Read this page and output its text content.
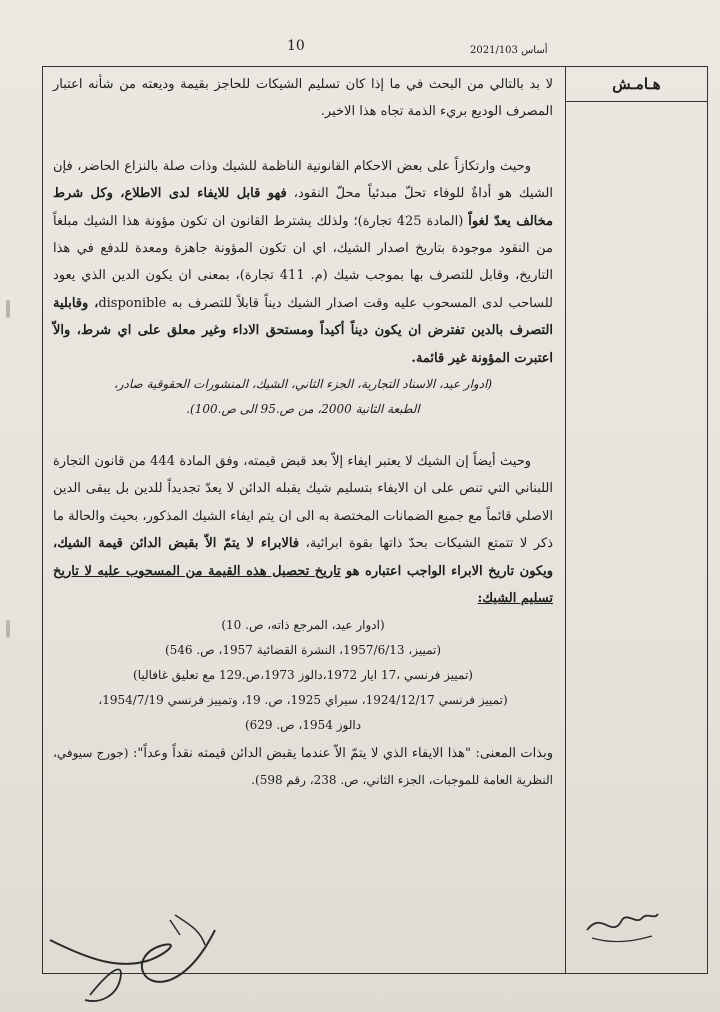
10	أساس 2021/103
هـامـش

لا بد بالتالي من البحث في ما إذا كان تسليم الشيكات للحاجز بقيمة وديعته من شأنه اعتبار المصرف الوديع بريء الذمة تجاه هذا الاخير.

وحيث وارتكازاً على بعض الاحكام القانونية الناظمة للشيك وذات صلة بالنزاع الحاضر، فإن الشيك هو أداةٌ للوفاء تحلّ مبدئياً محلّ النقود، فهو قابل للايفاء لدى الاطلاع، وكل شرط مخالف يعدّ لغواً (المادة 425 تجارة)؛ ولذلك يشترط القانون ان تكون مؤونة هذا الشيك مبلغاً من النقود موجودة بتاريخ اصدار الشيك، اي ان تكون المؤونة جاهزة ومعدة للدفع في هذا التاريخ، وقابل للتصرف بها بموجب شيك (م. 411 تجارة)، بمعنى ان يكون الدين الذي يعود للساحب لدى المسحوب عليه وقت اصدار الشيك ديناً قابلاً للتصرف به disponible، وقابلية التصرف بالدين تفترض ان يكون ديناً أكيداً ومستحق الاداء وغير معلق على اي شرط، والاّ اعتبرت المؤونة غير قائمة.

(ادوار عيد، الاسناد التجارية، الجزء الثاني، الشيك، المنشورات الحقوقية صادر،

الطبعة الثانية 2000، من ص.95 الى ص.100).

وحيث أيضاً إن الشيك لا يعتبر ايفاء إلاّ بعد قبض قيمته، وفق المادة 444 من قانون التجارة اللبناني التي تنص على ان الايفاء بتسليم شيك يقبله الدائن لا يعدّ تجديداً للدين بل يبقى الدين الاصلي قائماً مع جميع الضمانات المختصة به الى ان يتم ايفاء الشيك المذكور، بحيث والحالة ما ذكر لا تتمتع الشيكات بحدّ ذاتها بقوة ابرائية، فالابراء لا يتمّ الاّ بقبض الدائن قيمة الشيك، ويكون تاريخ الابراء الواجب اعتباره هو تاريخ تحصيل هذه القيمة من المسحوب عليه لا تاريخ تسليم الشيك:

(ادوار عيد، المرجع ذاته، ص. 10)
(تمييز، 1957/6/13، النشرة القضائية 1957، ص. 546)
(تمييز فرنسي ،17 ايار 1972،دالوز 1973،ص.129 مع تعليق غافاليا)
(تمييز فرنسي 1924/12/17، سيراي 1925، ص. 19، وتمييز فرنسي 1954/7/19،
دالوز 1954، ص. 629)

وبذات المعنى: "هذا الايفاء الذي لا يتمّ الاّ عندما يقبض الدائن قيمته نقداً وعداً": (جورج سيوفي، النظرية العامة للموجبات، الجزء الثاني، ص. 238، رقم 598).
